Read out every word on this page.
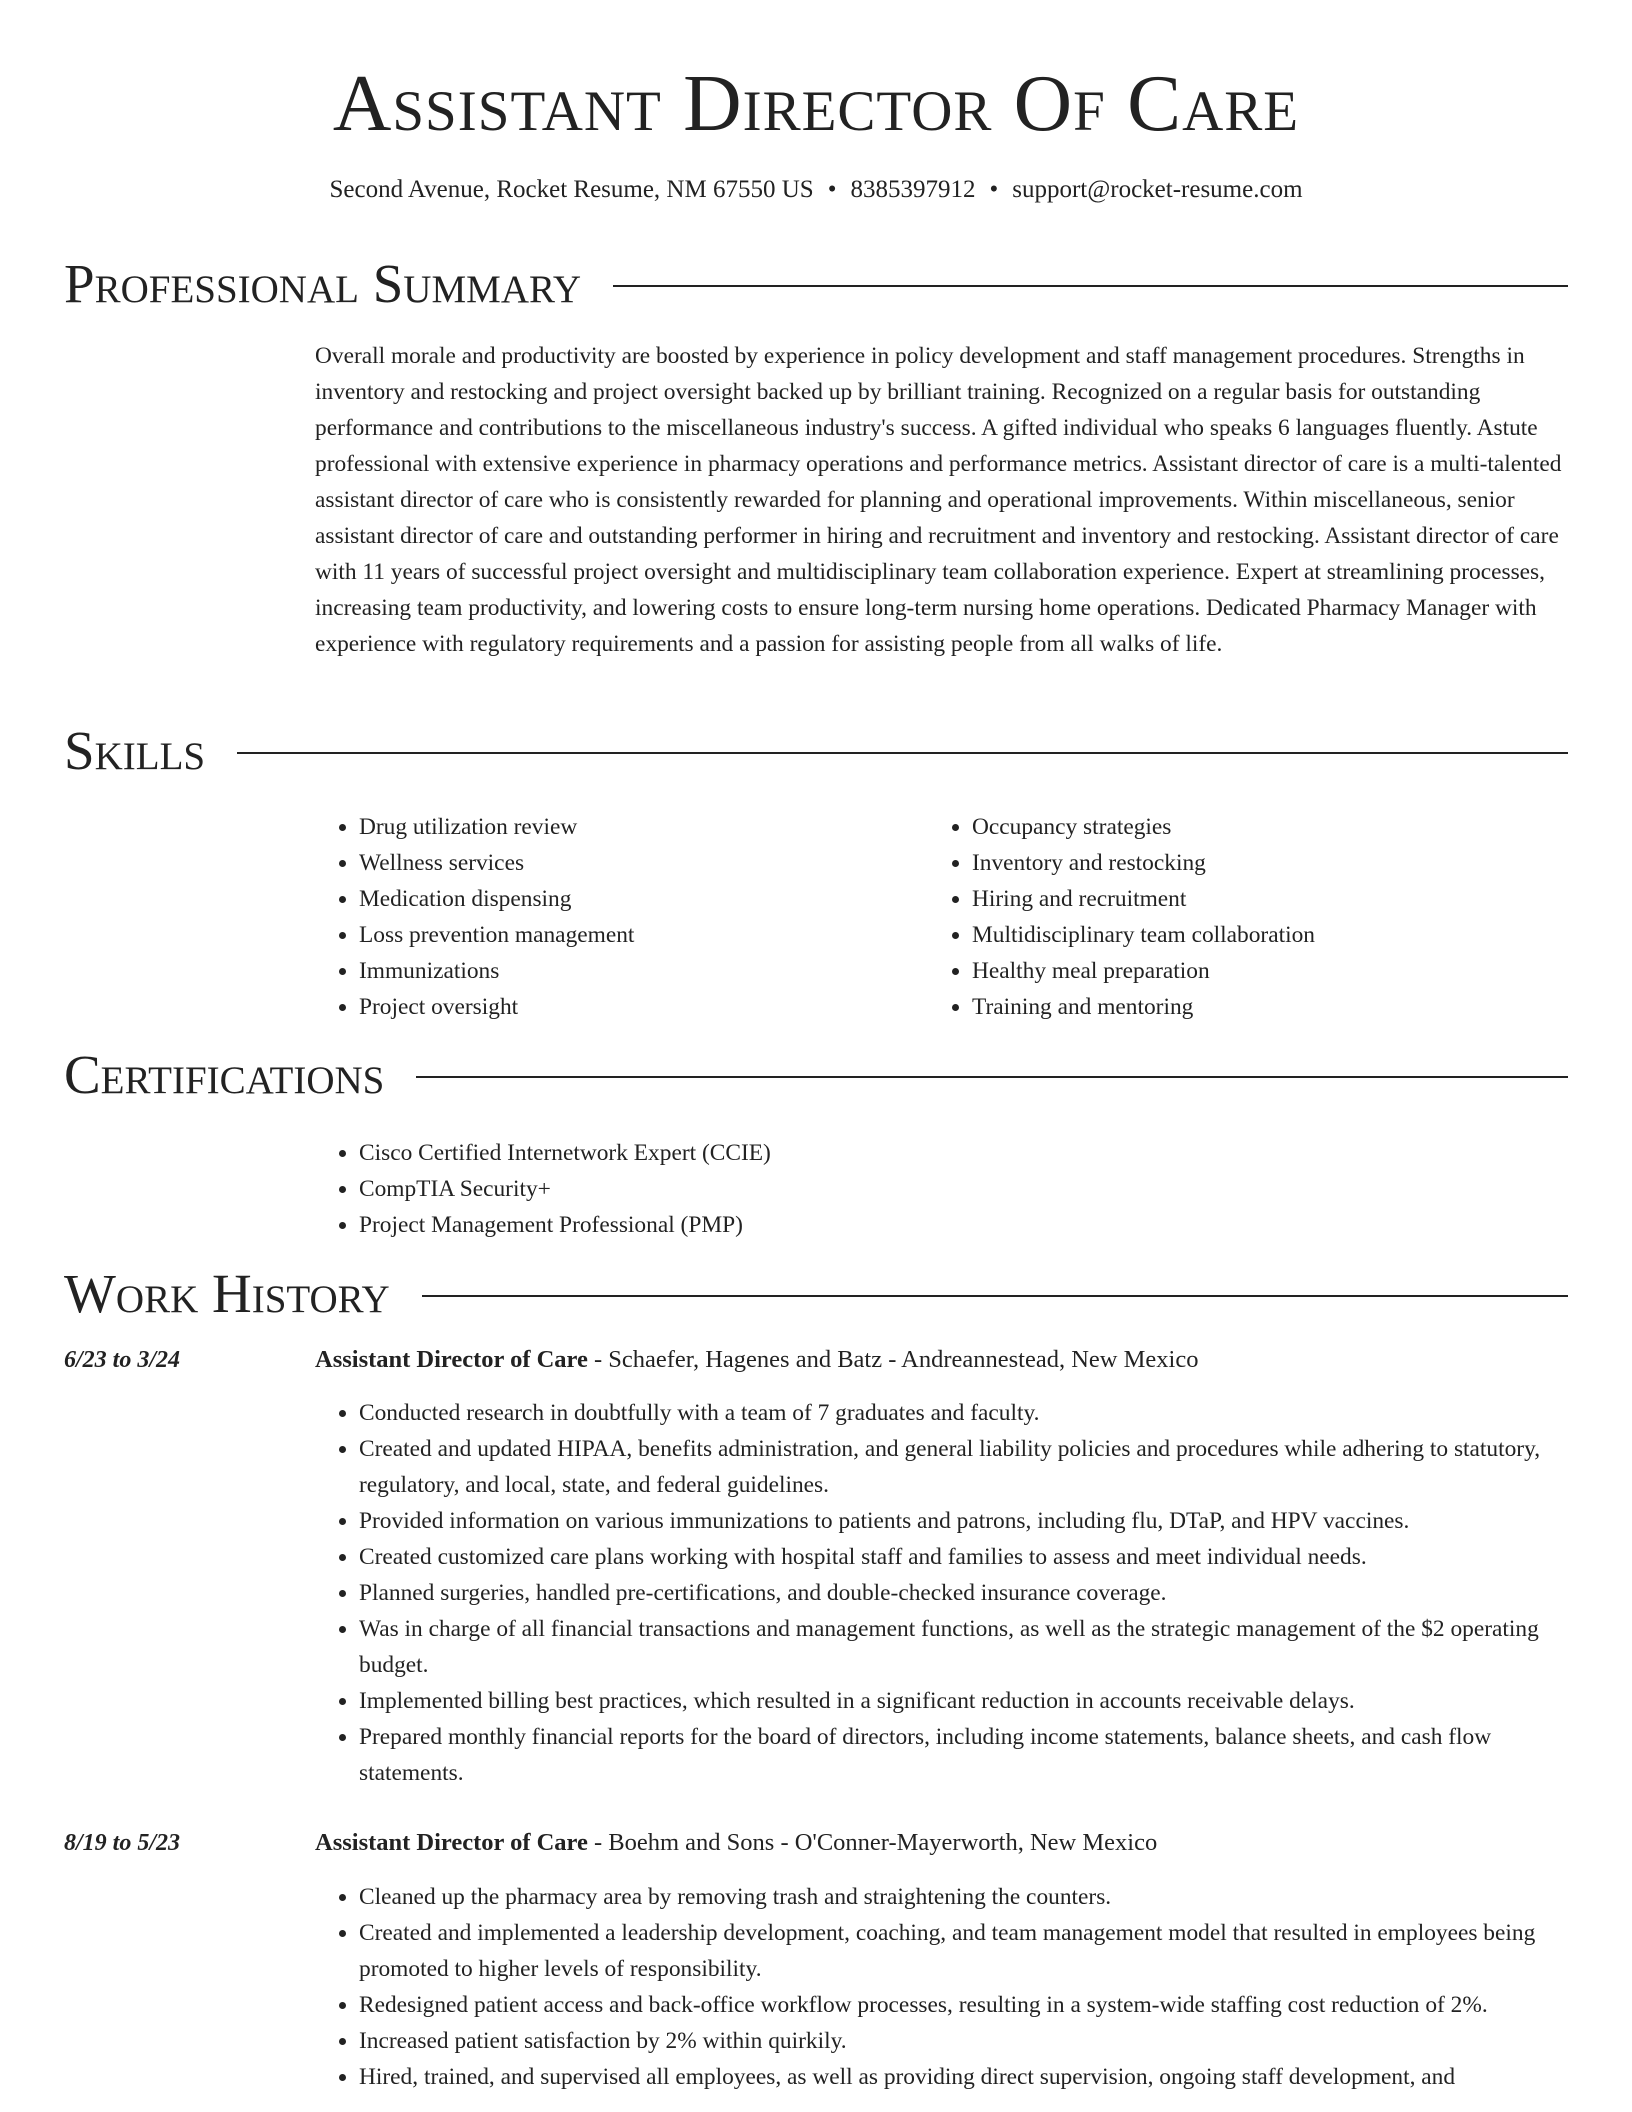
Assistant Director Of Care
Second Avenue, Rocket Resume, NM 67550 US • 8385397912 • support@rocket-resume.com
Professional Summary

Overall morale and productivity are boosted by experience in policy development and staff management procedures. Strengths in inventory and restocking and project oversight backed up by brilliant training. Recognized on a regular basis for outstanding performance and contributions to the miscellaneous industry's success. A gifted individual who speaks 6 languages fluently. Astute professional with extensive experience in pharmacy operations and performance metrics. Assistant director of care is a multi-talented assistant director of care who is consistently rewarded for planning and operational improvements. Within miscellaneous, senior assistant director of care and outstanding performer in hiring and recruitment and inventory and restocking. Assistant director of care with 11 years of successful project oversight and multidisciplinary team collaboration experience. Expert at streamlining processes, increasing team productivity, and lowering costs to ensure long-term nursing home operations. Dedicated Pharmacy Manager with experience with regulatory requirements and a passion for assisting people from all walks of life.

Skills
• Drug utilization review
• Wellness services
• Medication dispensing
• Loss prevention management
• Immunizations
• Project oversight
• Occupancy strategies
• Inventory and restocking
• Hiring and recruitment
• Multidisciplinary team collaboration
• Healthy meal preparation
• Training and mentoring
Certifications
• Cisco Certified Internetwork Expert (CCIE)
• CompTIA Security+
• Project Management Professional (PMP)
Work History
6/23 to 3/24	Assistant Director of Care - Schaefer, Hagenes and Batz - Andreannestead, New Mexico
• Conducted research in doubtfully with a team of 7 graduates and faculty.
• Created and updated HIPAA, benefits administration, and general liability policies and procedures while adhering to statutory, regulatory, and local, state, and federal guidelines.
• Provided information on various immunizations to patients and patrons, including flu, DTaP, and HPV vaccines.
• Created customized care plans working with hospital staff and families to assess and meet individual needs.
• Planned surgeries, handled pre-certifications, and double-checked insurance coverage.
• Was in charge of all financial transactions and management functions, as well as the strategic management of the $2 operating budget.
• Implemented billing best practices, which resulted in a significant reduction in accounts receivable delays.
• Prepared monthly financial reports for the board of directors, including income statements, balance sheets, and cash flow statements.
8/19 to 5/23	Assistant Director of Care - Boehm and Sons - O'Conner-Mayerworth, New Mexico
• Cleaned up the pharmacy area by removing trash and straightening the counters.
• Created and implemented a leadership development, coaching, and team management model that resulted in employees being promoted to higher levels of responsibility.
• Redesigned patient access and back-office workflow processes, resulting in a system-wide staffing cost reduction of 2%.
• Increased patient satisfaction by 2% within quirkily.
• Hired, trained, and supervised all employees, as well as providing direct supervision, ongoing staff development, and
